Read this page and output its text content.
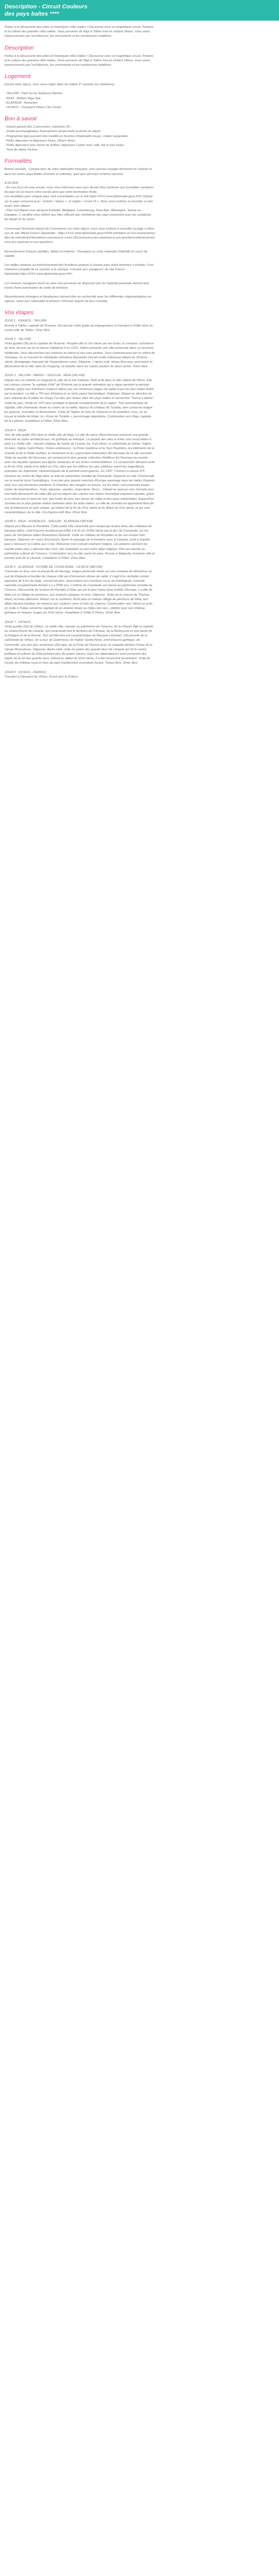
Description - Circuit Couleurs des pays baltes ****

Partez à la découverte des jolies et historiques villes baltes ! Découvrez avec ce magnifique circuit, l'histoire et la culture des grandes villes baltes. Vous passerez de Riga à Tallinn tout en visitant Vilnius. Vous serez impressionnés par l'architecture, les monuments et les nombreuses traditions.

Description

Partez à la découverte des jolies et historiques villes baltes ! Découvrez avec ce magnifique circuit, l'histoire et la culture des grandes villes baltes. Vous passerez de Riga à Tallinn tout en visitant Vilnius. Vous serez impressionnés par l'architecture, les monuments et les nombreuses traditions.

Logement

Durant votre séjour, vous serez logés dans les hôtels 4* suivants (ou similaires) :

- TALLINN : Park Inn by Radisson Meriton
- RIGA : Wellton Riga Spa
- KLAIPEDA : Amberton
- VILNIUS : Courtyard Vilnius City Center
Bon à savoir
- Départ garanti dès 2 personnes, maximum 20.
- Guide-accompagnateur francophone durant toute la durée du séjour.
- Programme type pouvant être modifié en fonction d'impératifs locaux, visites respectées.
- Petits déjeuners et déjeuners inclus. Dîners libres.
- Petits déjeuners sous forme de buffets, déjeuners 2 plats avec café, thé et eau inclus.
- Taxe de séjour incluse.
Formalités

Bonne nouvelle : Compte tenu de votre nationalité française, vous pouvez voyager librement en Lituanie et dans les autres pays Baltes (Estonie et Lettonie), quel que soit votre schéma vaccinal.

A NOTER
- En cas d'un vol avec escale, nous vous informons que vous devrez être conforme aux formalités sanitaires du pays où se trouve votre escale ainsi que votre destination finale.
Les modalités pour chaque pays sont consultables sur le site https://XXX.www.diplomatie.gouv.fr/fr/ Cliquez sur le pays concerné puis « Entrée / Séjour », et onglet « Covid 19 ». Nous vous invitons à consulter ce lien avant votre départ.
- Pour tout départ d'un aéroport frontalier (Belgique, Luxembourg, Pays-Bas, Allemagne, Suisse ou Espagne...), veuillez vous référer aux sites officiels des ministères des pays concernés pour les conditions de départ et de retour.

Concernant l'éventuel impact du Coronavirus sur votre séjour, nous vous invitons à consulter la page ci-dessous du site officiel France Diplomatie : https://XXX.www.diplomatie.gouv.fr/fr/le-ministere-et-son-reseau/actualites-du-ministere/informations-coronavirus-covid-19/coronavirus-les-reponses-a-vos-questions/article/coronavirus-les-reponses-a-vos-questions

Ressortissants français (adultes, bébés et enfants) : Passeport ou carte nationale d'identité en cours de validité.

Les règles relatives au franchissement des frontières propres à chaque pays étant amenées à évoluer, il est vivement conseillé de se reporter à la rubrique "conseils aux voyageurs" du site France Diplomatie:https://XXX.www.diplomatie.gouv.fr/fr/

Les mineurs voyageant seuls ou avec une personne ne disposant pas de l'autorité parentale doivent être munis d'une autorisation de sortie de territoire.

Ressortissants étrangers et binationaux doivent être en conformité avec les différentes réglementations en vigueur, selon leur nationalité et doivent s'informer auprès de leur consulat.

Vos étapes
JOUR 1 : FRANCE - TALLINN
Arrivée à Tallinn, capitale de l'Estonie. Accueil par votre guide accompagnateur et transfert à l'hôtel situé au centre-ville de Tallinn. Dîner libre.
JOUR 2 : TALLINN
Visite guidée (3h) de la capitale de l'Estonie. Peuplée dès le IXe siècle par les Estes, le comptoir, commerce de foire, fut pris par le roi danois Valdemar II en 1219. Tallinn présente une ville préservée dans sa structure médiévale. Vous découvrirez ses maisons en pierre et ses rues pavées. Vous commencerez par la colline de Toompea, où se trouvent la cathédrale orthodoxe Alexandre Nevski (visite intérieure) datant du XIXème siècle, témoignage imposant de l'impérialisme russe. Déjeuner. L'après-midi, temps libre pour poursuivre la découverte de la ville, faire du shopping, se balader dans les ruelles pavées du vieux centre. Dîner libre.
JOUR 3 : TALLINN - PARNU - SIGULDA - RIGA (360 KM)
Départ vers la Lettonie en longeant la côte de la mer baltique. Petit arrêt dans la ville côtière de Pärnu. Elle est connue comme "la capitale d'été" de l'Estonie par la grande animation qui y règne pendant la période estivale, grâce aux nombreux visiteurs attirés par ses immenses plages de sable et par les plus belles forêts qui la bordent. La ville a 750 ans d'histoire et un riche passé hanséatique. Déjeuner. Départ en direction du parc national de la vallée du Gauja, l'un des plus beaux sites des pays baltes et surnommé "Suisse Lettone". Visite du parc, fondé en 1973 pour protéger la beauté exceptionnelle de la région. Tour panoramique de Sigulda, ville charmante située au centre de la vallée. Aperçu du château de Turaida, bien conservé malgré les guerres, incendies et destructions. Visite de l'église en bois de Vidzeme et du cimetière Livos, où se trouve la tombe de Maija, la « Rose de Turaida », personnage légendaire. Continuation vers Riga, capitale de la Lettonie. Installation à l'hôtel. Dîner libre.
JOUR 4 : RIGA
Tour de ville guidé (3h) dans la vieille ville de Riga. La ville du baron Münchhausen présente une grande diversité de styles architecturaux, du gothique au baroque. La plupart des sites à visiter sont accessibles à pied. La Vieille ville : l'ancien château de l'ordre de Livonie, les Trois frères, la cathédrale du Dôme, l'église St-Jean, l'église Saint-Pierre. Visites extérieures : la Porte Suédoise et la Tour Poudrière, les bâtiments de la Grande et de la Petite Guildes, le Parlement et les surprenants immeubles Art Nouveau de la ville nouvelle. Visite du quartier Art Nouveau, qui comprend le plus grande collection d'édifices Art Nouveau au monde, avec ses façades typiques aux lignes sinueuses et ses riches ornementations. La construction démarra entre la fin du XIXe siècle et le début du XXe, bien que les édifices les plus célèbres soient les magnifiques exemples de Jugendstil, caractéristiques de la période entre-guerres. En 1997, l'Unesco a classé 475 hectares du centre de Riga dans sa liste du patrimoine mondial de l'Humanité. Déjeuner en ville. Promenade sur le marché local Centráltirgus. Il est des plus grands marchés d'Europe aménagé dans les halles Zeppelin avec ses cinq immenses pavillons. A l'intérieur des hangars on trouve, sur les étals, sont proposés toutes sortes de marchandises : fruits, légumes, viandes, charcuterie, fleurs... Départ en autocar vers Jurmala pour une belle découverte de cette ville qui est depuis des siècles une station touristique populaire réputée, grâce à un climat sain et bord de mer, des forêts de pins, des dunes de sable et des eaux médicinales. Aujourd'hui Jurmala est la plus grande station balnéaire dans les états baltes. La ville de Jurmala est également fière de ses architectures en bois unique, qui datent de la fin du XIXe siècle et du début du XXe siècle, et qui sont caractéristiques de la ville. Fin d'après-midi libre. Dîner libre.
JOUR 5 : RIGA - RUNDALES - SIAULIAI - KLAIPEDA (330 KM)
Départ vers Bauska et Rundales. Cette petite ville rassemble pour beaucoup le plus beau des châteaux de baroque letton, chef-d'œuvre architectural édifié à la fin du XVIIIe siècle par le duc de Courlande, sur les plans de l'architecte italien Bartolomeo Rastrelli. Visite du château de Rundales et de son musée d'art baroque. Déjeuner en cours d'excursion. Après le passage de la frontière avec la Lituanie, arrêt à Siauliai pour y découvrir la Colline aux Croix. Personne n'en connaît vraiment l'origine. Les pèlerins viennent du monde entier pour y déposer des croix, des statuettes ou tout autre objet religieux. Elle est classée au patrimoine culturel de l'Unesco. Continuation vers la côte ouest du pays. Arrivée à Klaipeda, troisième ville et premier port de la Lituanie. Installation à l'hôtel. Dîner libre.
JOUR 6 : KLAIPEDA - ISTHME DE COURLANDE - VILNIUS (380 KM)
Traversée en ferry vers la presqu'île de Neringa, longue péninsule étirée sur une centaine de kilomètres au sud de Klaipeda et bordée de chaque côté par d'immenses dunes de sable. Il s'agit d'un véritable cordon lagunaire de 4 km de large, couvert de pins, descendant vers l'enclave russe de Kaliningrad, curiosité naturelle exceptionnelle formée il y a 5000 ans. L'isthme de Courlande est classé au patrimoine mondial de l'Unesco. Découverte de la dune de Parnidis à Nida, qui est la plus haute dune mobile d'Europe. La ville de Nida est un village de pêcheurs, aux maisons typiques en bois. Déjeuner. Visite de la maison de Thomas Mann, écrivain allemand. Retour sur le continent. Arrêt dans le célèbre village de pêcheurs de Nida, aux allées fleuries bordées de maisons aux couleurs vives et toits de chaume. Continuation vers Vilnius et arrêt en route à Trakai, ancienne capitale de la Lituanie située au milieu des lacs, célèbre pour son château gothique en briques rouges du XIVe siècle. Installation à l'hôtel à Vilnius. Dîner libre.
JOUR 7 : VILNIUS
Visite guidée (3h) de Vilnius. La vieille ville, classée au patrimoine de l'Unesco, fut au Moyen Âge la capitale du Grand-Duché de Lituanie, qui comprenait tout le territoire de l'Ukraine, de la Biélorussie et une partie de la Pologne et de la Russie. Son architecture est caractéristique du Baroque Lituanien. Découverte de la cathédrale de Vilnius, de la tour de Gediminas, de l'église Sainte-Anne, chef-d'œuvre gothique, de l'université, une des plus anciennes d'Europe, de la Porte de l'Aurore avec sa chapelle abritant l'icône de la Vierge Miraculeuse. Déjeuner. Après-midi, visite du palais des grands-ducs de Lituanie qui fut le centre politique et culturel de l'état pendant plus de quatre siècles. Dans les dépendances sont conservés des objets de la vie des grands ducs. Détruit au début du XIXe siècle, il a été reconstruit récemment. Visite du musée du château royal en bois de pays traditionnels et produits locaux. Temps libre. Dîner libre.
JOUR 8 : VILNIUS - FRANCE
Transfert à l'aéroport de Vilnius. Envol vers la France.
